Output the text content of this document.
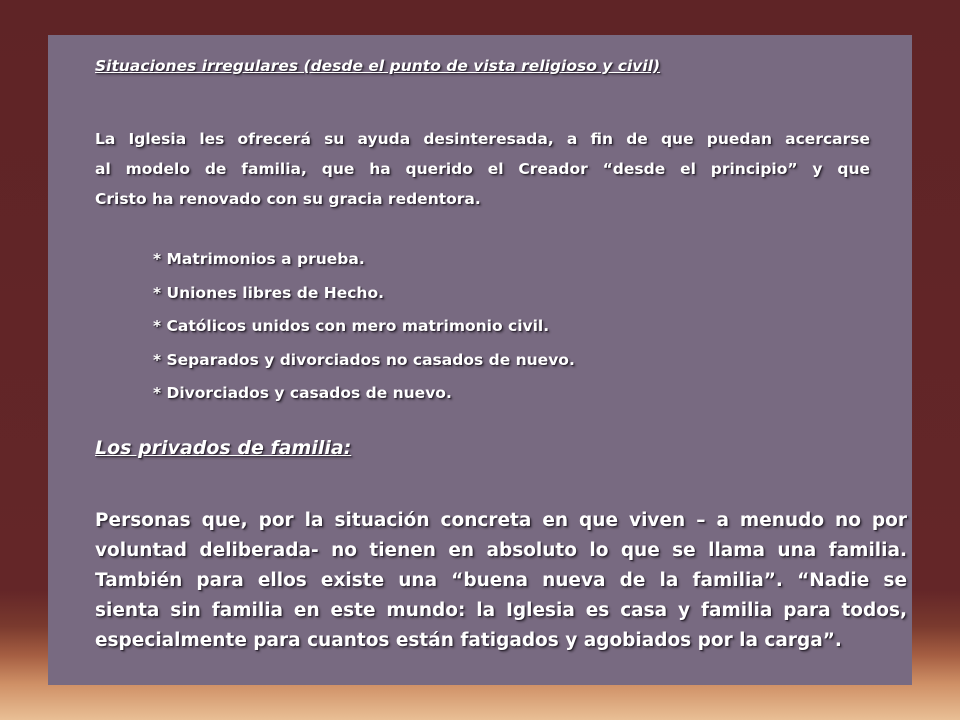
Situaciones irregulares (desde el punto de vista religioso y civil)

La Iglesia les ofrecerá su ayuda desinteresada, a fin de que puedan acercarse
al modelo de familia, que ha querido el Creador “desde el principio” y que
Cristo ha renovado con su gracia redentora.

* Matrimonios a prueba.
* Uniones libres de Hecho.
* Católicos unidos con mero matrimonio civil.
* Separados y divorciados no casados de nuevo.
* Divorciados y casados de nuevo.

Los privados de familia:

Personas que, por la situación concreta en que viven – a menudo no por
voluntad deliberada- no tienen en absoluto lo que se llama una familia.
También para ellos existe una “buena nueva de la familia”. “Nadie se
sienta sin familia en este mundo: la Iglesia es casa y familia para todos,
especialmente para cuantos están fatigados y agobiados por la carga”.
